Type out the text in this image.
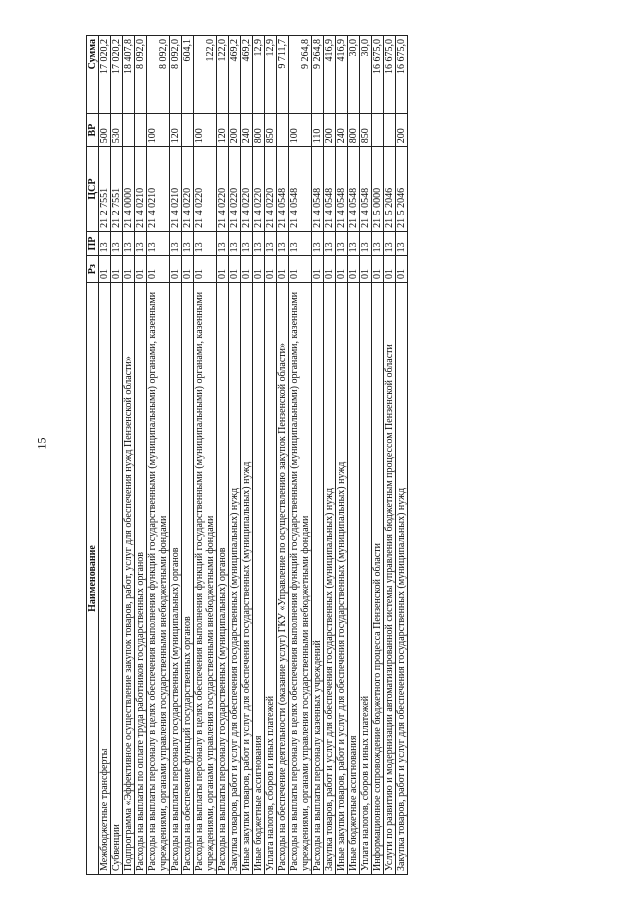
15
Наименование	Рз	ПР	ЦСР	ВР	Сумма
Межбюджетные трансферты	01	13	21 2 7551	500	17 020,2
Субвенции	01	13	21 2 7551	530	17 020,2
Подпрограмма «Эффективное осуществление закупок товаров, работ, услуг для обеспечения нужд Пензенской области»	01	13	21 4 0000		18 407,8
Расходы на выплаты по оплате труда работников государственных органов	01	13	21 4 0210		8 092,0
Расходы на выплаты персоналу в целях обеспечения выполнения функций государственными (муниципальными) органами, казенными учреждениями, органами управления государственными внебюджетными фондами	01	13	21 4 0210	100	8 092,0
Расходы на выплаты персоналу государственных (муниципальных) органов	01	13	21 4 0210	120	8 092,0
Расходы на обеспечение функций государственных органов	01	13	21 4 0220		604,1
Расходы на выплаты персоналу в целях обеспечения выполнения функций государственными (муниципальными) органами, казенными учреждениями, органами управления государственными внебюджетными фондами	01	13	21 4 0220	100	122,0
Расходы на выплаты персоналу государственных (муниципальных) органов	01	13	21 4 0220	120	122,0
Закупка товаров, работ и услуг для обеспечения государственных (муниципальных) нужд	01	13	21 4 0220	200	469,2
Иные закупки товаров, работ и услуг для обеспечения государственных (муниципальных) нужд	01	13	21 4 0220	240	469,2
Иные бюджетные ассигнования	01	13	21 4 0220	800	12,9
Уплата налогов, сборов и иных платежей	01	13	21 4 0220	850	12,9
Расходы на обеспечение деятельности (оказание услуг) ГКУ «Управление по осуществлению закупок Пензенской области»	01	13	21 4 0548		9 711,7
Расходы на выплаты персоналу в целях обеспечения выполнения функций государственными (муниципальными) органами, казенными учреждениями, органами управления государственными внебюджетными фондами	01	13	21 4 0548	100	9 264,8
Расходы на выплаты персоналу казенных учреждений	01	13	21 4 0548	110	9 264,8
Закупка товаров, работ и услуг для обеспечения государственных (муниципальных) нужд	01	13	21 4 0548	200	416,9
Иные закупки товаров, работ и услуг для обеспечения государственных (муниципальных) нужд	01	13	21 4 0548	240	416,9
Иные бюджетные ассигнования	01	13	21 4 0548	800	30,0
Уплата налогов, сборов и иных платежей	01	13	21 4 0548	850	30,0
Информационное сопровождение бюджетного процесса Пензенской области	01	13	21 5 0000		16 675,0
Услуги по развитию и модернизации автоматизированной системы управления бюджетным процессом Пензенской области	01	13	21 5 2046		16 675,0
Закупка товаров, работ и услуг для обеспечения государственных (муниципальных) нужд	01	13	21 5 2046	200	16 675,0
